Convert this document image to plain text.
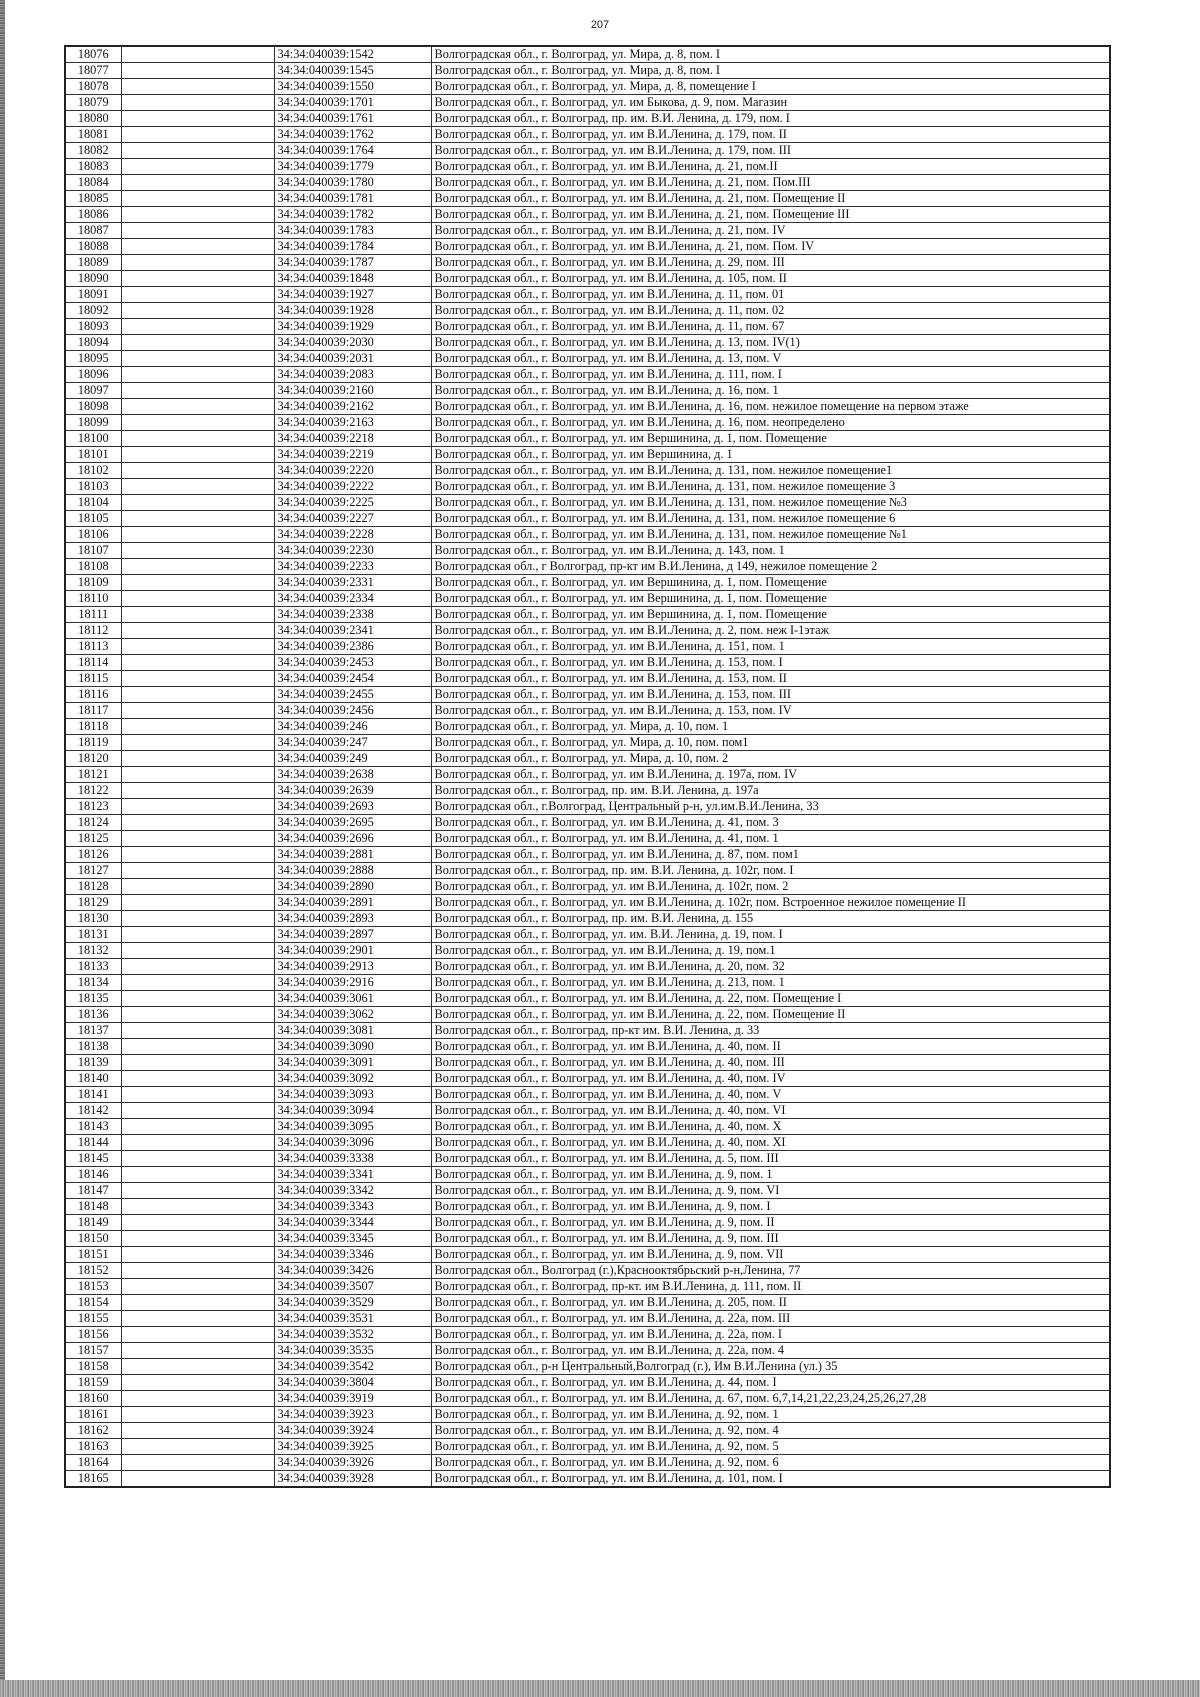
207
18076		34:34:040039:1542	Волгоградская обл., г. Волгоград, ул. Мира, д. 8, пом. I
18077		34:34:040039:1545	Волгоградская обл., г. Волгоград, ул. Мира, д. 8, пом. I
18078		34:34:040039:1550	Волгоградская обл., г. Волгоград, ул. Мира, д. 8, помещение I
18079		34:34:040039:1701	Волгоградская обл., г. Волгоград, ул. им Быкова, д. 9, пом. Магазин
18080		34:34:040039:1761	Волгоградская обл., г. Волгоград, пр. им. В.И. Ленина, д. 179, пом. I
18081		34:34:040039:1762	Волгоградская обл., г. Волгоград, ул. им В.И.Ленина, д. 179, пом. II
18082		34:34:040039:1764	Волгоградская обл., г. Волгоград, ул. им В.И.Ленина, д. 179, пом. III
18083		34:34:040039:1779	Волгоградская обл., г. Волгоград, ул. им В.И.Ленина, д. 21, пом.II
18084		34:34:040039:1780	Волгоградская обл., г. Волгоград, ул. им В.И.Ленина, д. 21, пом. Пом.III
18085		34:34:040039:1781	Волгоградская обл., г. Волгоград, ул. им В.И.Ленина, д. 21, пом. Помещение II
18086		34:34:040039:1782	Волгоградская обл., г. Волгоград, ул. им В.И.Ленина, д. 21, пом. Помещение III
18087		34:34:040039:1783	Волгоградская обл., г. Волгоград, ул. им В.И.Ленина, д. 21, пом. IV
18088		34:34:040039:1784	Волгоградская обл., г. Волгоград, ул. им В.И.Ленина, д. 21, пом. Пом. IV
18089		34:34:040039:1787	Волгоградская обл., г. Волгоград, ул. им В.И.Ленина, д. 29, пом. III
18090		34:34:040039:1848	Волгоградская обл., г. Волгоград, ул. им В.И.Ленина, д. 105, пом. II
18091		34:34:040039:1927	Волгоградская обл., г. Волгоград, ул. им В.И.Ленина, д. 11, пом. 01
18092		34:34:040039:1928	Волгоградская обл., г. Волгоград, ул. им В.И.Ленина, д. 11, пом. 02
18093		34:34:040039:1929	Волгоградская обл., г. Волгоград, ул. им В.И.Ленина, д. 11, пом. 67
18094		34:34:040039:2030	Волгоградская обл., г. Волгоград, ул. им В.И.Ленина, д. 13, пом. IV(1)
18095		34:34:040039:2031	Волгоградская обл., г. Волгоград, ул. им В.И.Ленина, д. 13, пом. V
18096		34:34:040039:2083	Волгоградская обл., г. Волгоград, ул. им В.И.Ленина, д. 111, пом. I
18097		34:34:040039:2160	Волгоградская обл., г. Волгоград, ул. им В.И.Ленина, д. 16, пом. 1
18098		34:34:040039:2162	Волгоградская обл., г. Волгоград, ул. им В.И.Ленина, д. 16, пом. нежилое помещение на первом этаже
18099		34:34:040039:2163	Волгоградская обл., г. Волгоград, ул. им В.И.Ленина, д. 16, пом. неопределено
18100		34:34:040039:2218	Волгоградская обл., г. Волгоград, ул. им Вершинина, д. 1, пом. Помещение
18101		34:34:040039:2219	Волгоградская обл., г. Волгоград, ул. им Вершинина, д. 1
18102		34:34:040039:2220	Волгоградская обл., г. Волгоград, ул. им В.И.Ленина, д. 131, пом. нежилое помещение1
18103		34:34:040039:2222	Волгоградская обл., г. Волгоград, ул. им В.И.Ленина, д. 131, пом. нежилое помещение 3
18104		34:34:040039:2225	Волгоградская обл., г. Волгоград, ул. им В.И.Ленина, д. 131, пом. нежилое помещение №3
18105		34:34:040039:2227	Волгоградская обл., г. Волгоград, ул. им В.И.Ленина, д. 131, пом. нежилое помещение 6
18106		34:34:040039:2228	Волгоградская обл., г. Волгоград, ул. им В.И.Ленина, д. 131, пом. нежилое помещение №1
18107		34:34:040039:2230	Волгоградская обл., г. Волгоград, ул. им В.И.Ленина, д. 143, пом. 1
18108		34:34:040039:2233	Волгоградская обл., г Волгоград, пр-кт им В.И.Ленина, д 149, нежилое помещение 2
18109		34:34:040039:2331	Волгоградская обл., г. Волгоград, ул. им Вершинина, д. 1, пом. Помещение
18110		34:34:040039:2334	Волгоградская обл., г. Волгоград, ул. им Вершинина, д. 1, пом. Помещение
18111		34:34:040039:2338	Волгоградская обл., г. Волгоград, ул. им Вершинина, д. 1, пом. Помещение
18112		34:34:040039:2341	Волгоградская обл., г. Волгоград, ул. им В.И.Ленина, д. 2, пом. неж I-1этаж
18113		34:34:040039:2386	Волгоградская обл., г. Волгоград, ул. им В.И.Ленина, д. 151, пом. 1
18114		34:34:040039:2453	Волгоградская обл., г. Волгоград, ул. им В.И.Ленина, д. 153, пом. I
18115		34:34:040039:2454	Волгоградская обл., г. Волгоград, ул. им В.И.Ленина, д. 153, пом. II
18116		34:34:040039:2455	Волгоградская обл., г. Волгоград, ул. им В.И.Ленина, д. 153, пом. III
18117		34:34:040039:2456	Волгоградская обл., г. Волгоград, ул. им В.И.Ленина, д. 153, пом. IV
18118		34:34:040039:246	Волгоградская обл., г. Волгоград, ул. Мира, д. 10, пом. 1
18119		34:34:040039:247	Волгоградская обл., г. Волгоград, ул. Мира, д. 10, пом. пом1
18120		34:34:040039:249	Волгоградская обл., г. Волгоград, ул. Мира, д. 10, пом. 2
18121		34:34:040039:2638	Волгоградская обл., г. Волгоград, ул. им В.И.Ленина, д. 197а, пом. IV
18122		34:34:040039:2639	Волгоградская обл., г. Волгоград, пр. им. В.И. Ленина, д. 197а
18123		34:34:040039:2693	Волгоградская обл., г.Волгоград, Центральный р-н, ул.им.В.И.Ленина, 33
18124		34:34:040039:2695	Волгоградская обл., г. Волгоград, ул. им В.И.Ленина, д. 41, пом. 3
18125		34:34:040039:2696	Волгоградская обл., г. Волгоград, ул. им В.И.Ленина, д. 41, пом. 1
18126		34:34:040039:2881	Волгоградская обл., г. Волгоград, ул. им В.И.Ленина, д. 87, пом. пом1
18127		34:34:040039:2888	Волгоградская обл., г. Волгоград, пр. им. В.И. Ленина, д. 102г, пом. I
18128		34:34:040039:2890	Волгоградская обл., г. Волгоград, ул. им В.И.Ленина, д. 102г, пом. 2
18129		34:34:040039:2891	Волгоградская обл., г. Волгоград, ул. им В.И.Ленина, д. 102г, пом. Встроенное нежилое помещение II
18130		34:34:040039:2893	Волгоградская обл., г. Волгоград, пр. им. В.И. Ленина, д. 155
18131		34:34:040039:2897	Волгоградская обл., г. Волгоград, ул. им. В.И. Ленина, д. 19, пом. I
18132		34:34:040039:2901	Волгоградская обл., г. Волгоград, ул. им В.И.Ленина, д. 19, пом.1
18133		34:34:040039:2913	Волгоградская обл., г. Волгоград, ул. им В.И.Ленина, д. 20, пом. 32
18134		34:34:040039:2916	Волгоградская обл., г. Волгоград, ул. им В.И.Ленина, д. 213, пом. 1
18135		34:34:040039:3061	Волгоградская обл., г. Волгоград, ул. им В.И.Ленина, д. 22, пом. Помещение I
18136		34:34:040039:3062	Волгоградская обл., г. Волгоград, ул. им В.И.Ленина, д. 22, пом. Помещение II
18137		34:34:040039:3081	Волгоградская обл., г. Волгоград, пр-кт им. В.И. Ленина, д. 33
18138		34:34:040039:3090	Волгоградская обл., г. Волгоград, ул. им В.И.Ленина, д. 40, пом. II
18139		34:34:040039:3091	Волгоградская обл., г. Волгоград, ул. им В.И.Ленина, д. 40, пом. III
18140		34:34:040039:3092	Волгоградская обл., г. Волгоград, ул. им В.И.Ленина, д. 40, пом. IV
18141		34:34:040039:3093	Волгоградская обл., г. Волгоград, ул. им В.И.Ленина, д. 40, пом. V
18142		34:34:040039:3094	Волгоградская обл., г. Волгоград, ул. им В.И.Ленина, д. 40, пом. VI
18143		34:34:040039:3095	Волгоградская обл., г. Волгоград, ул. им В.И.Ленина, д. 40, пом. X
18144		34:34:040039:3096	Волгоградская обл., г. Волгоград, ул. им В.И.Ленина, д. 40, пом. XI
18145		34:34:040039:3338	Волгоградская обл., г. Волгоград, ул. им В.И.Ленина, д. 5, пом. III
18146		34:34:040039:3341	Волгоградская обл., г. Волгоград, ул. им В.И.Ленина, д. 9, пом. 1
18147		34:34:040039:3342	Волгоградская обл., г. Волгоград, ул. им В.И.Ленина, д. 9, пом. VI
18148		34:34:040039:3343	Волгоградская обл., г. Волгоград, ул. им В.И.Ленина, д. 9, пом. I
18149		34:34:040039:3344	Волгоградская обл., г. Волгоград, ул. им В.И.Ленина, д. 9, пом. II
18150		34:34:040039:3345	Волгоградская обл., г. Волгоград, ул. им В.И.Ленина, д. 9, пом. III
18151		34:34:040039:3346	Волгоградская обл., г. Волгоград, ул. им В.И.Ленина, д. 9, пом. VII
18152		34:34:040039:3426	Волгоградская обл., Волгоград (г.),Краснооктябрьский р-н,Ленина, 77
18153		34:34:040039:3507	Волгоградская обл., г. Волгоград, пр-кт. им В.И.Ленина, д. 111, пом. II
18154		34:34:040039:3529	Волгоградская обл., г. Волгоград, ул. им В.И.Ленина, д. 205, пом. II
18155		34:34:040039:3531	Волгоградская обл., г. Волгоград, ул. им В.И.Ленина, д. 22а, пом. III
18156		34:34:040039:3532	Волгоградская обл., г. Волгоград, ул. им В.И.Ленина, д. 22а, пом. I
18157		34:34:040039:3535	Волгоградская обл., г. Волгоград, ул. им В.И.Ленина, д. 22а, пом. 4
18158		34:34:040039:3542	Волгоградская обл., р-н Центральный,Волгоград (г.), Им В.И.Ленина (ул.) 35
18159		34:34:040039:3804	Волгоградская обл., г. Волгоград, ул. им В.И.Ленина, д. 44, пом. I
18160		34:34:040039:3919	Волгоградская обл., г. Волгоград, ул. им В.И.Ленина, д. 67, пом. 6,7,14,21,22,23,24,25,26,27,28
18161		34:34:040039:3923	Волгоградская обл., г. Волгоград, ул. им В.И.Ленина, д. 92, пом. 1
18162		34:34:040039:3924	Волгоградская обл., г. Волгоград, ул. им В.И.Ленина, д. 92, пом. 4
18163		34:34:040039:3925	Волгоградская обл., г. Волгоград, ул. им В.И.Ленина, д. 92, пом. 5
18164		34:34:040039:3926	Волгоградская обл., г. Волгоград, ул. им В.И.Ленина, д. 92, пом. 6
18165		34:34:040039:3928	Волгоградская обл., г. Волгоград, ул. им В.И.Ленина, д. 101, пом. I
